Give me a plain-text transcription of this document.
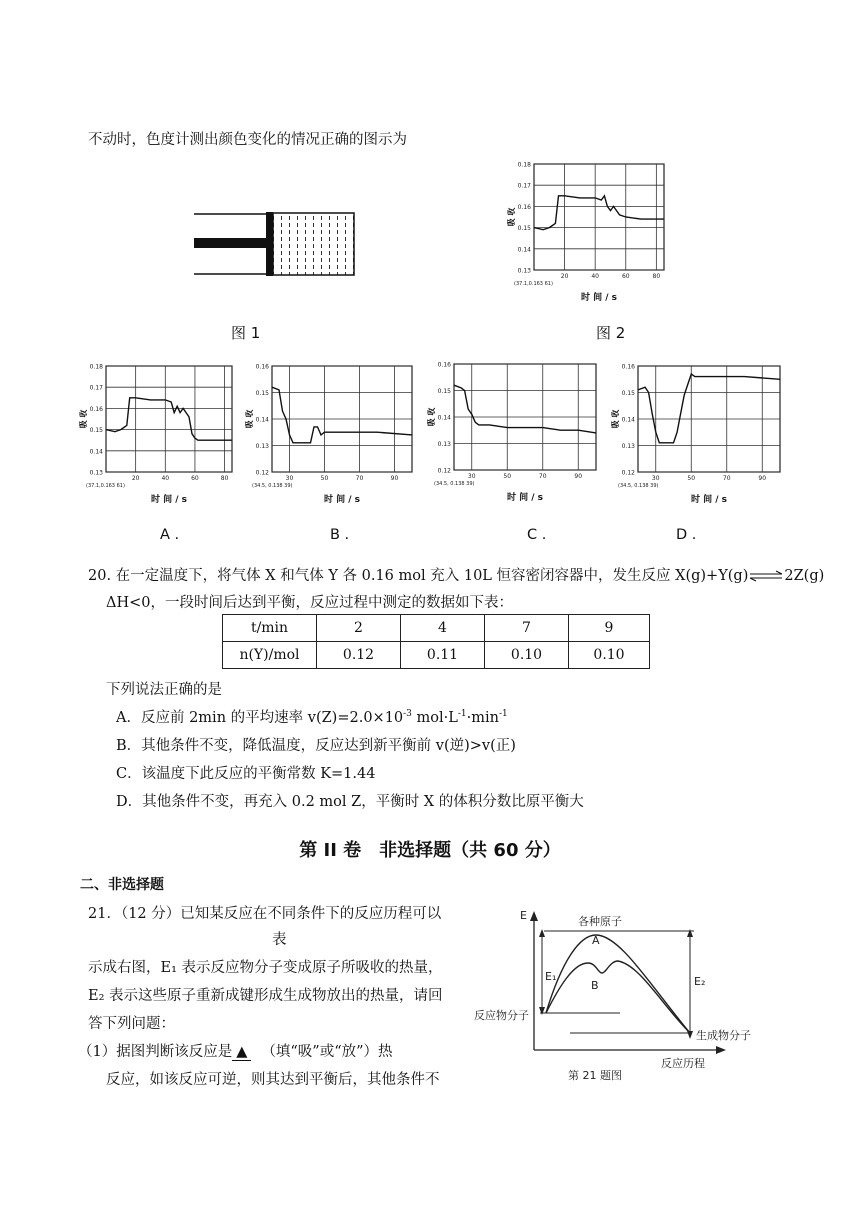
不动时，色度计测出颜色变化的情况正确的图示为
图 1
0.18
0.17
0.16
0.15
0.14
0.13
20	40	60	80
(37.1,0.163 61)
时 间 / s
吸 收
图 2
0.18
0.17
0.16
0.15
0.14
0.13
20	40	60	80
(37.1,0.163 61)
时 间 / s
吸 收
0.16
0.15
0.14
0.13
0.12
30	50	70	90
(34.5, 0.138 39)
时 间 / s
吸 收
0.16
0.15
0.14
0.13
0.12
30	50	70	90
(34.5, 0.138 39)
时 间 / s
吸 收
0.16
0.15
0.14
0.13
0.12
30	50	70	90
(34.5, 0.138 39)
时 间 / s
吸 收
A .	B .	C .	D .
20. 在一定温度下，将气体 X 和气体 Y 各 0.16 mol 充入 10L 恒容密闭容器中，发生反应 X(g)+Y(g)⇌2Z(g)
ΔH<0，一段时间后达到平衡，反应过程中测定的数据如下表：
t/min	2	4	7	9
n(Y)/mol	0.12	0.11	0.10	0.10
下列说法正确的是
A．反应前 2min 的平均速率 $v(Z)=2.0\times 10^{-3}$ $mol\cdot L^{-1}\cdot\min^{-1}$
B．其他条件不变，降低温度，反应达到新平衡前 v(逆)>v(正)
C．该温度下此反应的平衡常数 K=1.44
D．其他条件不变，再充入 0.2 mol Z，平衡时 X 的体积分数比原平衡大
第 II 卷　非选择题（共 60 分）
二、非选择题
21．（12 分）已知某反应在不同条件下的反应历程可以
表
示成右图，E₁ 表示反应物分子变成原子所吸收的热量，
E₂ 表示这些原子重新成键形成生成物放出的热量，请回
答下列问题：
（1）据图判断该反应是 ▲ （填“吸”或“放”）热
反应，如该反应可逆，则其达到平衡后，其他条件不
E	各种原子
E₁	E₂
反应物分子
生成物分子
A
B
反应历程
第 21 题图
